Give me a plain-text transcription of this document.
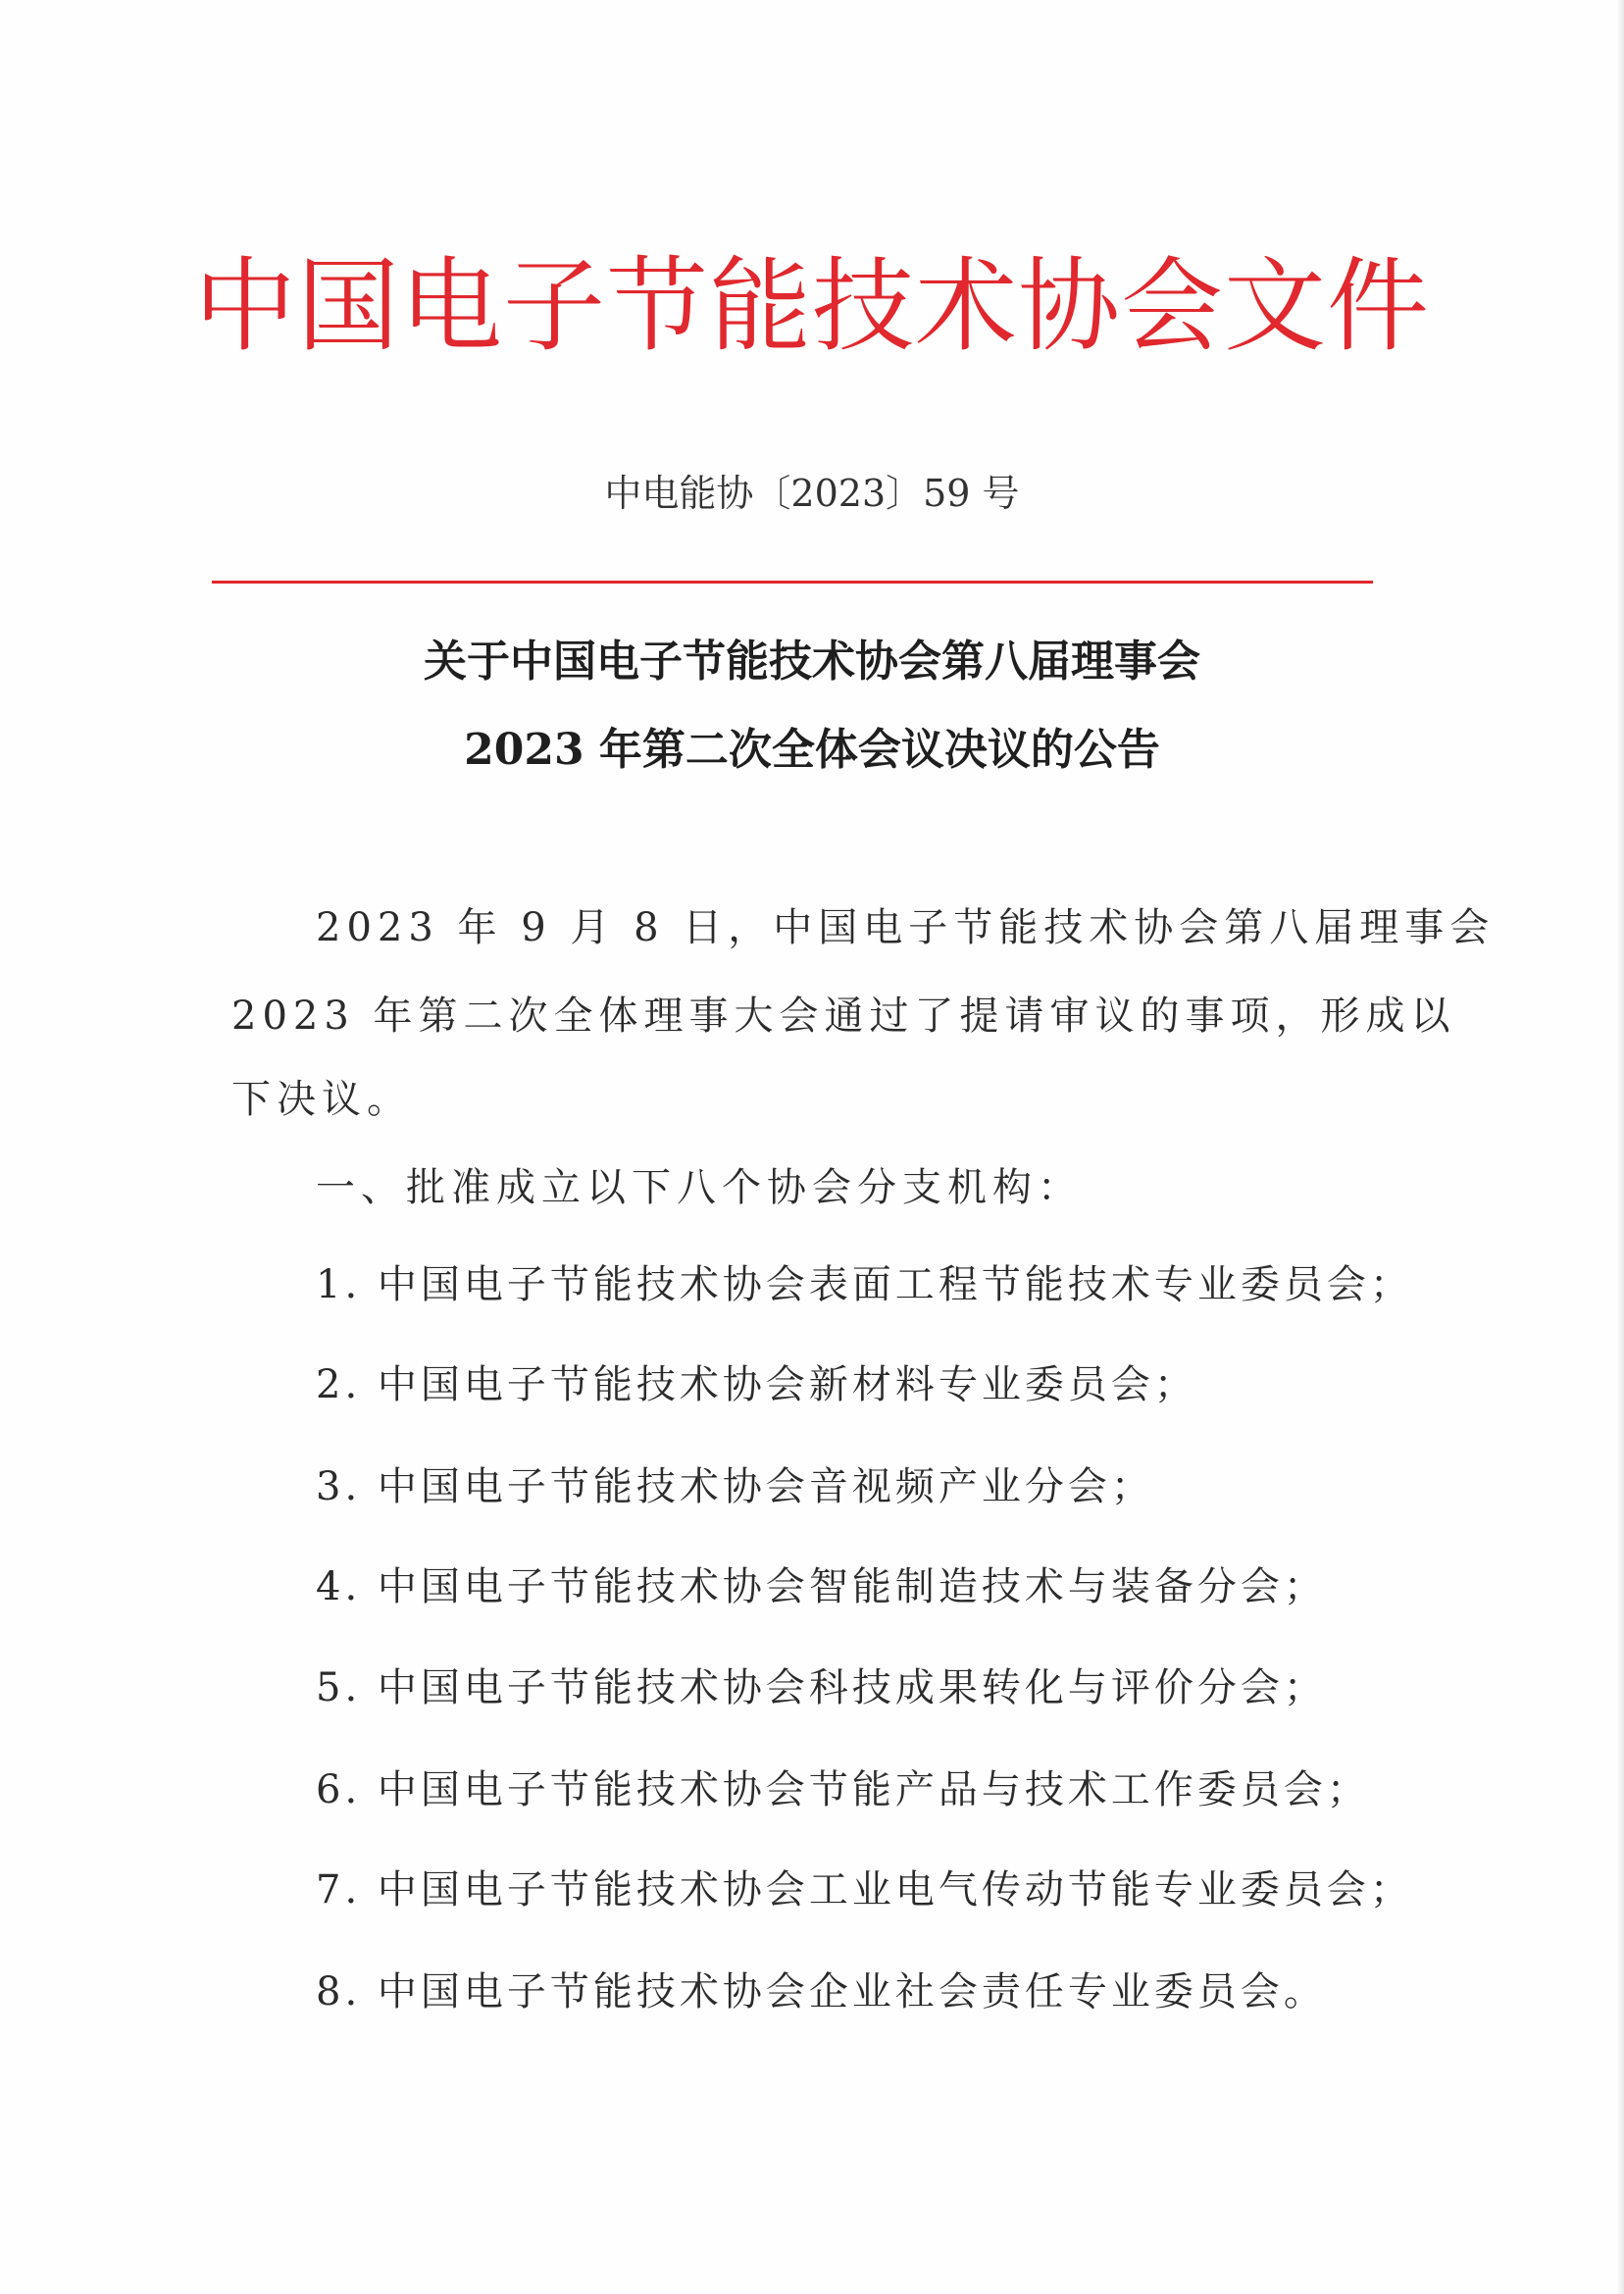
中国电子节能技术协会文件
中电能协〔2023〕59 号
关于中国电子节能技术协会第八届理事会
2023 年第二次全体会议决议的公告
2023 年 9 月 8 日，中国电子节能技术协会第八届理事会
2023 年第二次全体理事大会通过了提请审议的事项，形成以
下决议。
一、批准成立以下八个协会分支机构：
1. 中国电子节能技术协会表面工程节能技术专业委员会；
2. 中国电子节能技术协会新材料专业委员会；
3. 中国电子节能技术协会音视频产业分会；
4. 中国电子节能技术协会智能制造技术与装备分会；
5. 中国电子节能技术协会科技成果转化与评价分会；
6. 中国电子节能技术协会节能产品与技术工作委员会；
7. 中国电子节能技术协会工业电气传动节能专业委员会；
8. 中国电子节能技术协会企业社会责任专业委员会。
